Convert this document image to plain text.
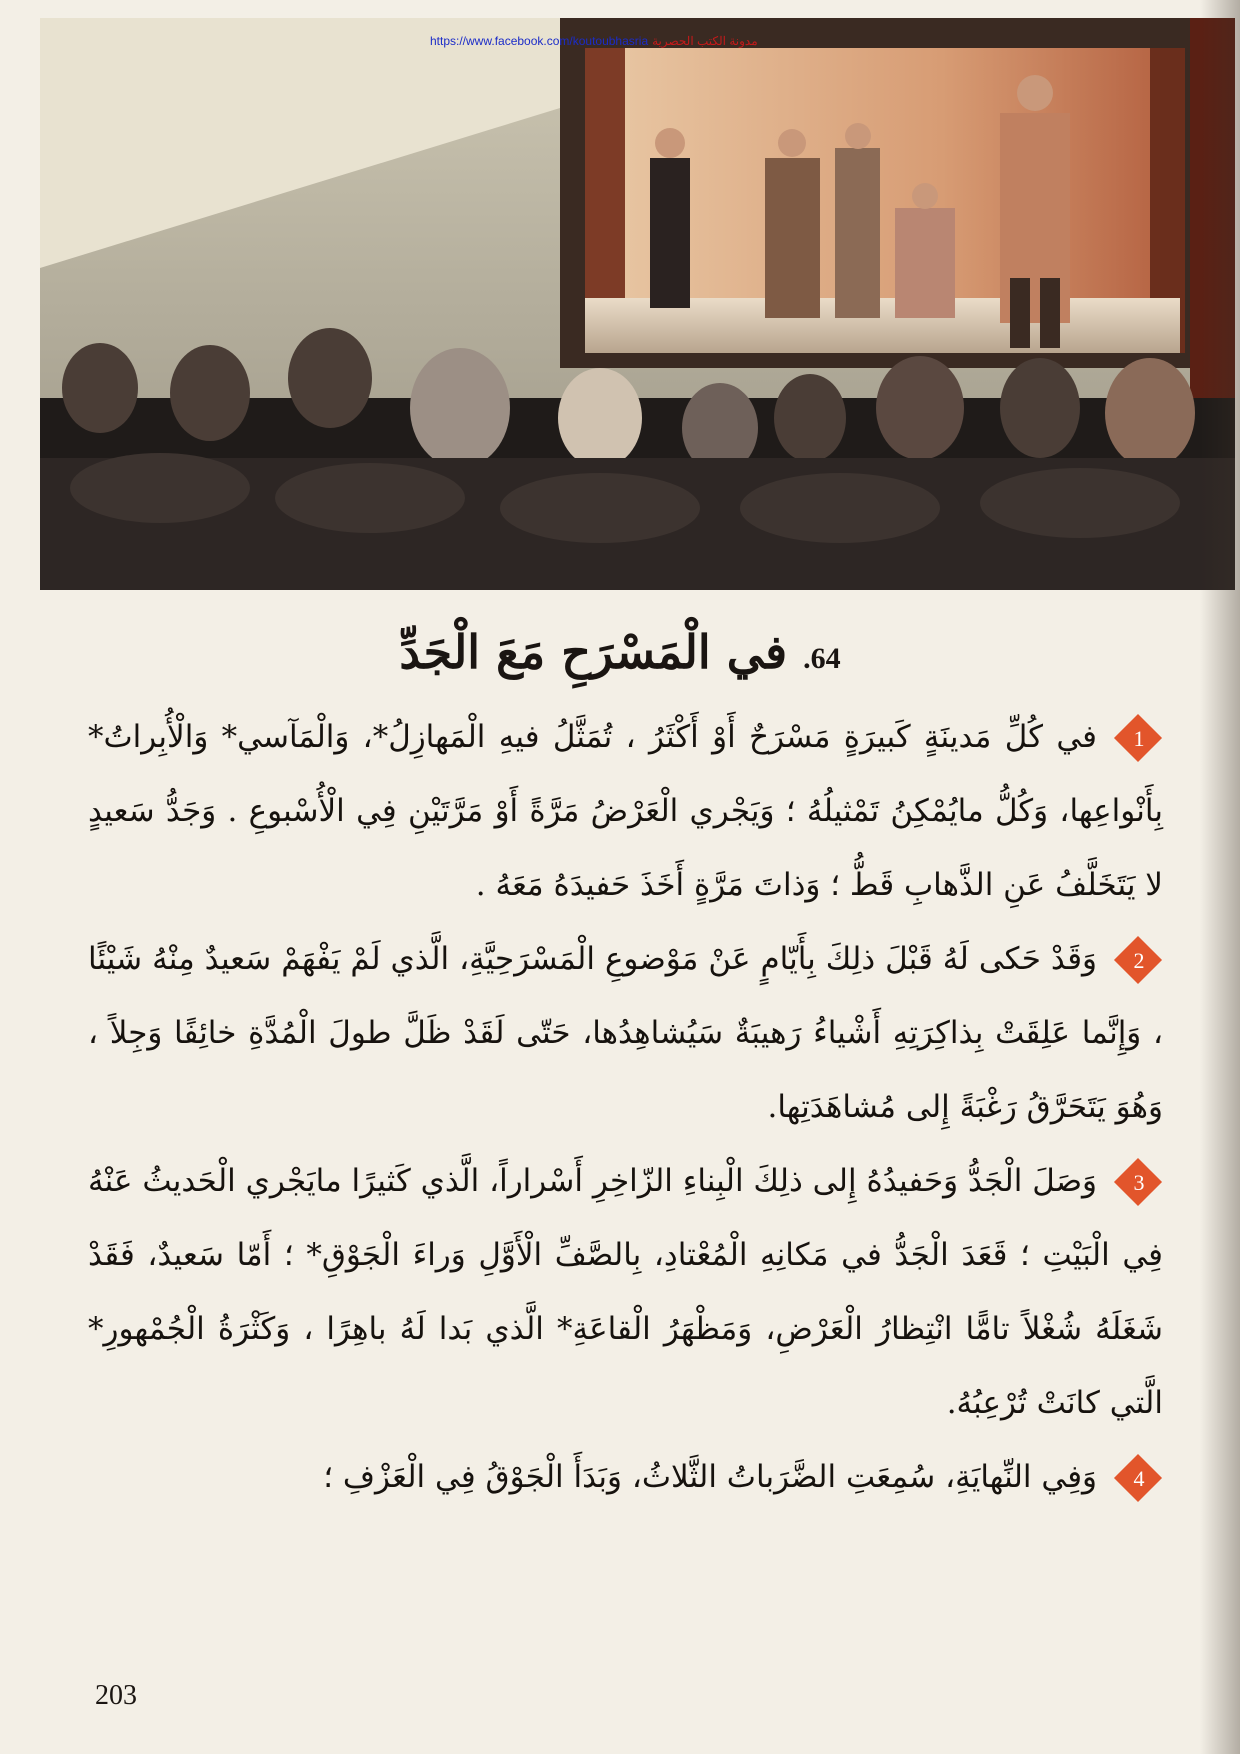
https://www.facebook.com/koutoubhasria مدونة الكتب الحصرية
64. في الْمَسْرَحِ مَعَ الْجَدِّ

1
في كُلِّ مَدينَةٍ كَبيرَةٍ مَسْرَحٌ أَوْ أَكْثَرُ ، تُمَثَّلُ فيهِ الْمَهازِلُ*، وَالْمَآسي* وَالْأُبِراتُ* بِأَنْواعِها، وَكُلُّ مايُمْكِنُ تَمْثيلُهُ ؛ وَيَجْري الْعَرْضُ مَرَّةً أَوْ مَرَّتَيْنِ فِي الْأُسْبوعِ . وَجَدُّ سَعيدٍ لا يَتَخَلَّفُ عَنِ الذَّهابِ قَطُّ ؛ وَذاتَ مَرَّةٍ أَخَذَ حَفيدَهُ مَعَهُ .

2
وَقَدْ حَكى لَهُ قَبْلَ ذلِكَ بِأَيّامٍ عَنْ مَوْضوعِ الْمَسْرَحِيَّةِ، الَّذي لَمْ يَفْهَمْ سَعيدٌ مِنْهُ شَيْئًا ، وَإِنَّما عَلِقَتْ بِذاكِرَتِهِ أَشْياءُ رَهيبَةٌ سَيُشاهِدُها، حَتّى لَقَدْ ظَلَّ طولَ الْمُدَّةِ خائِفًا وَجِلاً ، وَهُوَ يَتَحَرَّقُ رَغْبَةً إِلى مُشاهَدَتِها.

3
وَصَلَ الْجَدُّ وَحَفيدُهُ إِلى ذلِكَ الْبِناءِ الزّاخِرِ أَسْراراً، الَّذي كَثيرًا مايَجْري الْحَديثُ عَنْهُ فِي الْبَيْتِ ؛ قَعَدَ الْجَدُّ في مَكانِهِ الْمُعْتادِ، بِالصَّفِّ الْأَوَّلِ وَراءَ الْجَوْقِ* ؛ أَمّا سَعيدٌ، فَقَدْ شَغَلَهُ شُغْلاً تامًّا انْتِظارُ الْعَرْضِ، وَمَظْهَرُ الْقاعَةِ* الَّذي بَدا لَهُ باهِرًا ، وَكَثْرَةُ الْجُمْهورِ* الَّتي كانَتْ تُرْعِبُهُ.

4
وَفِي النِّهايَةِ، سُمِعَتِ الضَّرَباتُ الثَّلاثُ، وَبَدَأَ الْجَوْقُ فِي الْعَزْفِ ؛

203
